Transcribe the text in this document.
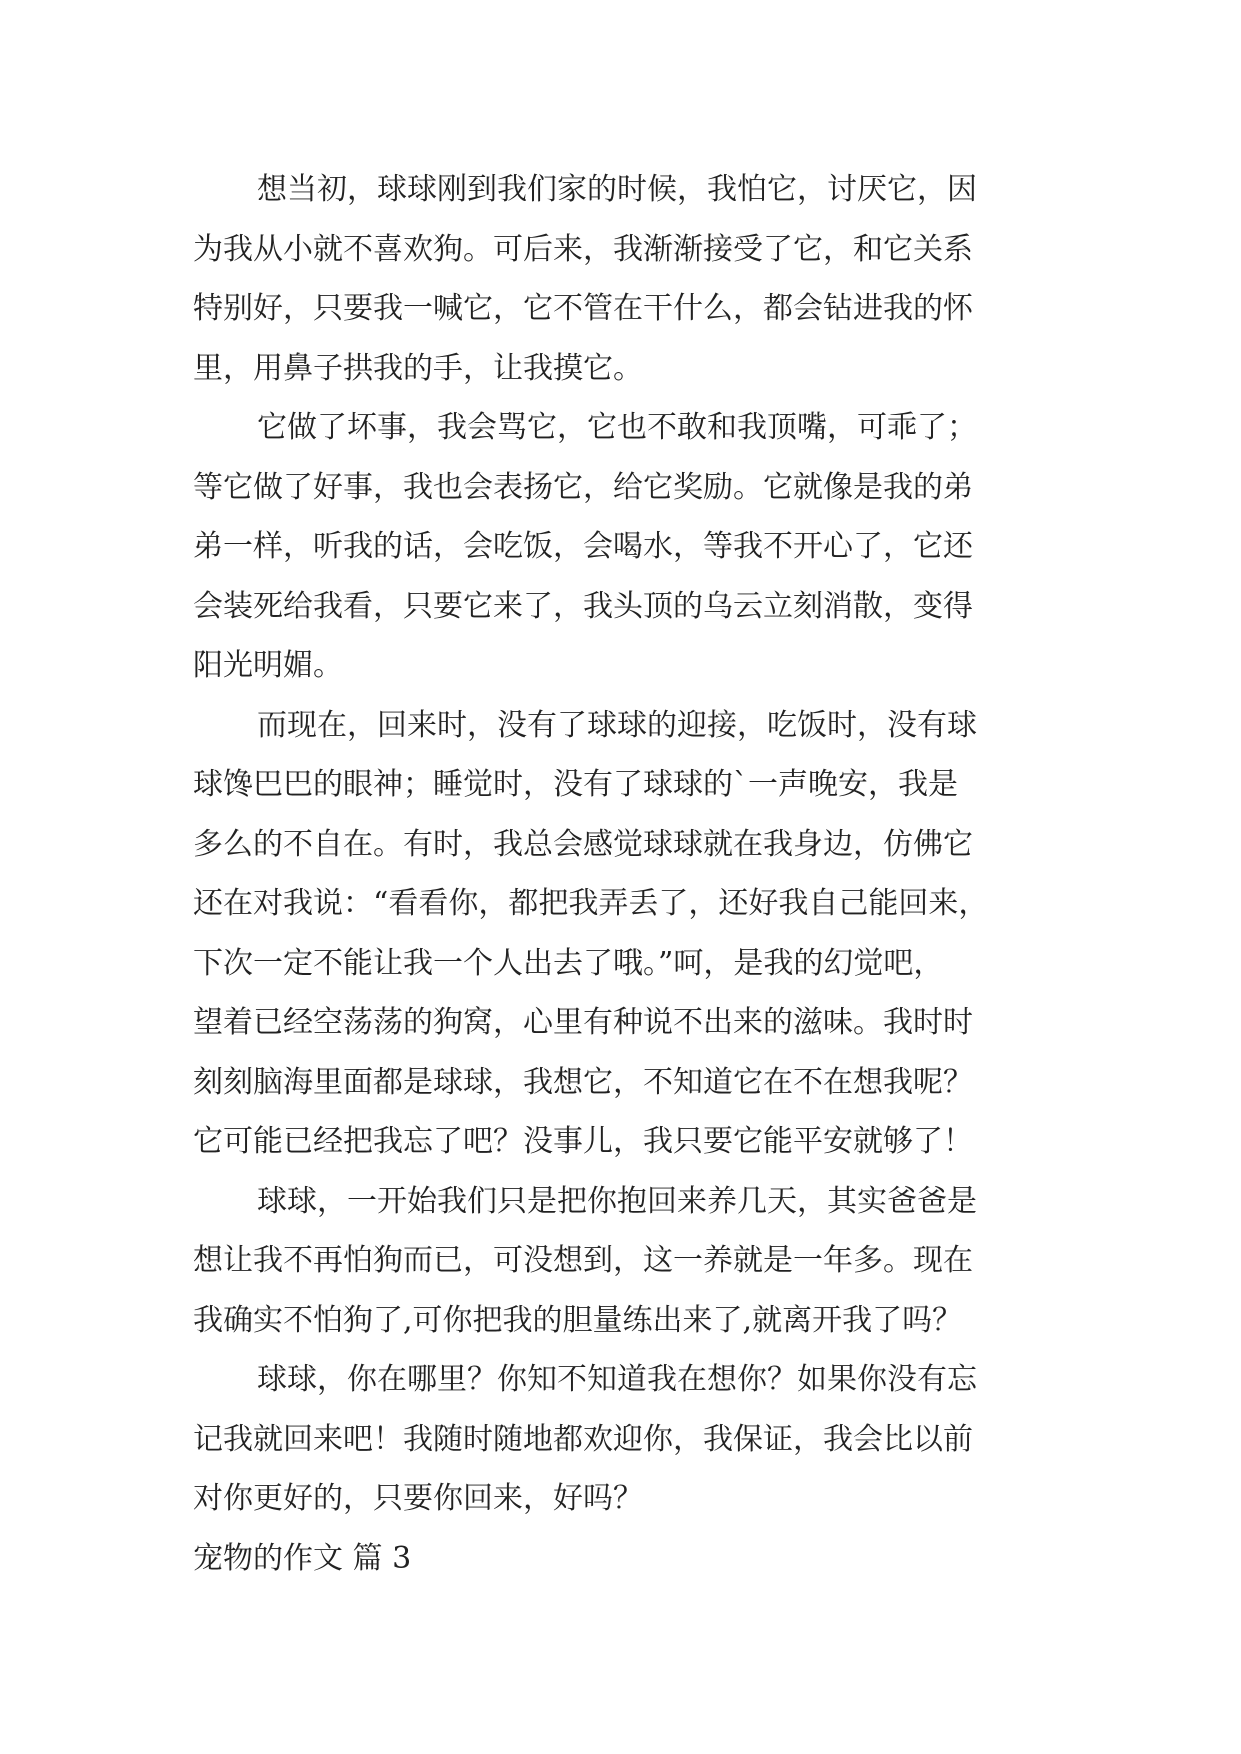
想当初，球球刚到我们家的时候，我怕它，讨厌它，因
为我从小就不喜欢狗。可后来，我渐渐接受了它，和它关系
特别好，只要我一喊它，它不管在干什么，都会钻进我的怀
里，用鼻子拱我的手，让我摸它。
它做了坏事，我会骂它，它也不敢和我顶嘴，可乖了；
等它做了好事，我也会表扬它，给它奖励。它就像是我的弟
弟一样，听我的话，会吃饭，会喝水，等我不开心了，它还
会装死给我看，只要它来了，我头顶的乌云立刻消散，变得
阳光明媚。
而现在，回来时，没有了球球的迎接，吃饭时，没有球
球馋巴巴的眼神；睡觉时，没有了球球的`一声晚安，我是
多么的不自在。有时，我总会感觉球球就在我身边，仿佛它
还在对我说：“看看你，都把我弄丢了，还好我自己能回来，
下次一定不能让我一个人出去了哦。”呵，是我的幻觉吧，
望着已经空荡荡的狗窝，心里有种说不出来的滋味。我时时
刻刻脑海里面都是球球，我想它，不知道它在不在想我呢？
它可能已经把我忘了吧？没事儿，我只要它能平安就够了！
球球，一开始我们只是把你抱回来养几天，其实爸爸是
想让我不再怕狗而已，可没想到，这一养就是一年多。现在
我确实不怕狗了,可你把我的胆量练出来了,就离开我了吗？
球球，你在哪里？你知不知道我在想你？如果你没有忘
记我就回来吧！我随时随地都欢迎你，我保证，我会比以前
对你更好的，只要你回来，好吗？
宠物的作文 篇 3
